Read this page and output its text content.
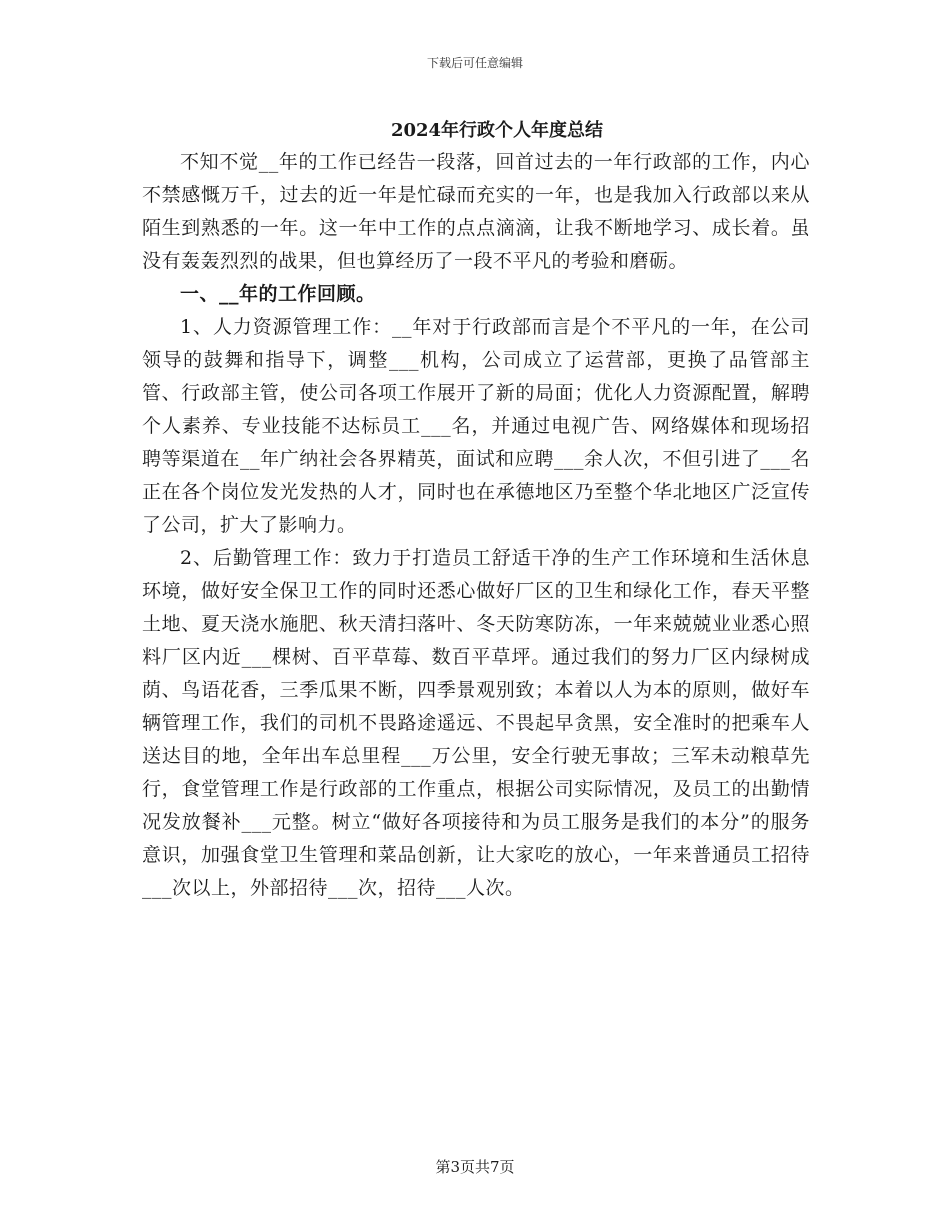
下载后可任意编辑
2024年行政个人年度总结

不知不觉__年的工作已经告一段落，回首过去的一年行政部的工作，内心不禁感慨万千，过去的近一年是忙碌而充实的一年，也是我加入行政部以来从陌生到熟悉的一年。这一年中工作的点点滴滴，让我不断地学习、成长着。虽没有轰轰烈烈的战果，但也算经历了一段不平凡的考验和磨砺。

一、__年的工作回顾。

1、人力资源管理工作：__年对于行政部而言是个不平凡的一年，在公司领导的鼓舞和指导下，调整___机构，公司成立了运营部，更换了品管部主管、行政部主管，使公司各项工作展开了新的局面；优化人力资源配置，解聘个人素养、专业技能不达标员工___名，并通过电视广告、网络媒体和现场招聘等渠道在__年广纳社会各界精英，面试和应聘___余人次，不但引进了___名正在各个岗位发光发热的人才，同时也在承德地区乃至整个华北地区广泛宣传了公司，扩大了影响力。

2、后勤管理工作：致力于打造员工舒适干净的生产工作环境和生活休息环境，做好安全保卫工作的同时还悉心做好厂区的卫生和绿化工作，春天平整土地、夏天浇水施肥、秋天清扫落叶、冬天防寒防冻，一年来兢兢业业悉心照料厂区内近___棵树、百平草莓、数百平草坪。通过我们的努力厂区内绿树成荫、鸟语花香，三季瓜果不断，四季景观别致；本着以人为本的原则，做好车辆管理工作，我们的司机不畏路途遥远、不畏起早贪黑，安全准时的把乘车人送达目的地，全年出车总里程___万公里，安全行驶无事故；三军未动粮草先行，食堂管理工作是行政部的工作重点，根据公司实际情况，及员工的出勤情况发放餐补___元整。树立“做好各项接待和为员工服务是我们的本分”的服务意识，加强食堂卫生管理和菜品创新，让大家吃的放心，一年来普通员工招待___次以上，外部招待___次，招待___人次。

第3页共7页
